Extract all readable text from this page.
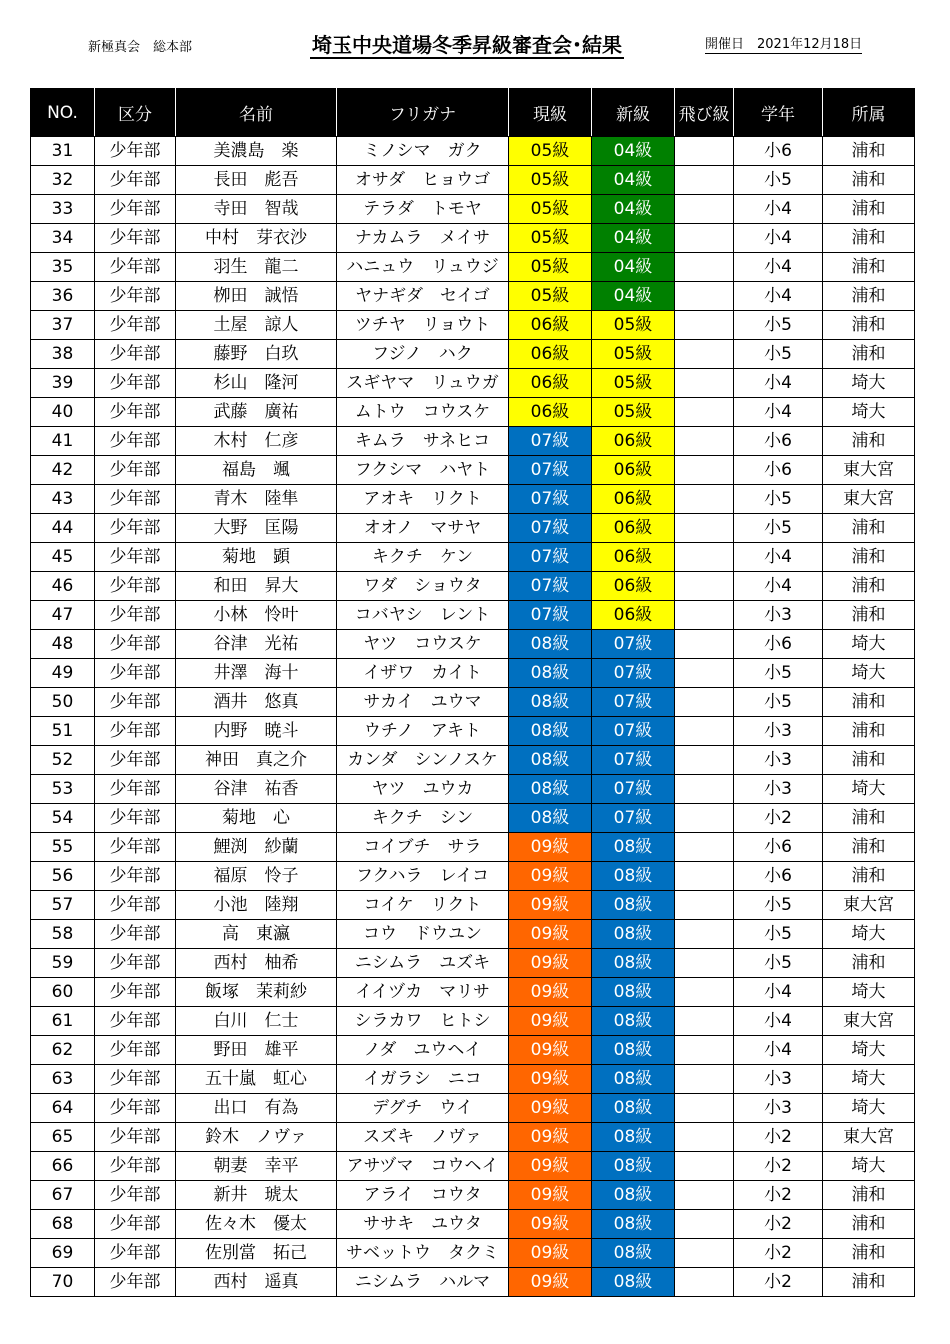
新極真会　総本部	埼玉中央道場冬季昇級審査会･結果	開催日　2021年12月18日
NO.	区分	名前	フリガナ	現級	新級	飛び級	学年	所属
31	少年部	美濃島　楽	ミノシマ　ガク	05級	04級		小6	浦和
32	少年部	長田　彪吾	オサダ　ヒョウゴ	05級	04級		小5	浦和
33	少年部	寺田　智哉	テラダ　トモヤ	05級	04級		小4	浦和
34	少年部	中村　芽衣沙	ナカムラ　メイサ	05級	04級		小4	浦和
35	少年部	羽生　龍二	ハニュウ　リュウジ	05級	04級		小4	浦和
36	少年部	栁田　誠悟	ヤナギダ　セイゴ	05級	04級		小4	浦和
37	少年部	土屋　諒人	ツチヤ　リョウト	06級	05級		小5	浦和
38	少年部	藤野　白玖	フジノ　ハク	06級	05級		小5	浦和
39	少年部	杉山　隆河	スギヤマ　リュウガ	06級	05級		小4	埼大
40	少年部	武藤　廣祐	ムトウ　コウスケ	06級	05級		小4	埼大
41	少年部	木村　仁彦	キムラ　サネヒコ	07級	06級		小6	浦和
42	少年部	福島　颯	フクシマ　ハヤト	07級	06級		小6	東大宮
43	少年部	青木　陸隼	アオキ　リクト	07級	06級		小5	東大宮
44	少年部	大野　匡陽	オオノ　マサヤ	07級	06級		小5	浦和
45	少年部	菊地　顕	キクチ　ケン	07級	06級		小4	浦和
46	少年部	和田　昇大	ワダ　ショウタ	07級	06級		小4	浦和
47	少年部	小林　怜叶	コバヤシ　レント	07級	06級		小3	浦和
48	少年部	谷津　光祐	ヤツ　コウスケ	08級	07級		小6	埼大
49	少年部	井澤　海十	イザワ　カイト	08級	07級		小5	埼大
50	少年部	酒井　悠真	サカイ　ユウマ	08級	07級		小5	浦和
51	少年部	内野　暁斗	ウチノ　アキト	08級	07級		小3	浦和
52	少年部	神田　真之介	カンダ　シンノスケ	08級	07級		小3	浦和
53	少年部	谷津　祐香	ヤツ　ユウカ	08級	07級		小3	埼大
54	少年部	菊地　心	キクチ　シン	08級	07級		小2	浦和
55	少年部	鯉渕　紗蘭	コイブチ　サラ	09級	08級		小6	浦和
56	少年部	福原　怜子	フクハラ　レイコ	09級	08級		小6	浦和
57	少年部	小池　陸翔	コイケ　リクト	09級	08級		小5	東大宮
58	少年部	高　東瀛	コウ　ドウユン	09級	08級		小5	埼大
59	少年部	西村　柚希	ニシムラ　ユズキ	09級	08級		小5	浦和
60	少年部	飯塚　茉莉紗	イイヅカ　マリサ	09級	08級		小4	埼大
61	少年部	白川　仁士	シラカワ　ヒトシ	09級	08級		小4	東大宮
62	少年部	野田　雄平	ノダ　ユウヘイ	09級	08級		小4	埼大
63	少年部	五十嵐　虹心	イガラシ　ニコ	09級	08級		小3	埼大
64	少年部	出口　有為	デグチ　ウイ	09級	08級		小3	埼大
65	少年部	鈴木　ノヴァ	スズキ　ノヴァ	09級	08級		小2	東大宮
66	少年部	朝妻　幸平	アサヅマ　コウヘイ	09級	08級		小2	埼大
67	少年部	新井　琥太	アライ　コウタ	09級	08級		小2	浦和
68	少年部	佐々木　優太	ササキ　ユウタ	09級	08級		小2	浦和
69	少年部	佐別當　拓己	サベットウ　タクミ	09級	08級		小2	浦和
70	少年部	西村　遥真	ニシムラ　ハルマ	09級	08級		小2	浦和
